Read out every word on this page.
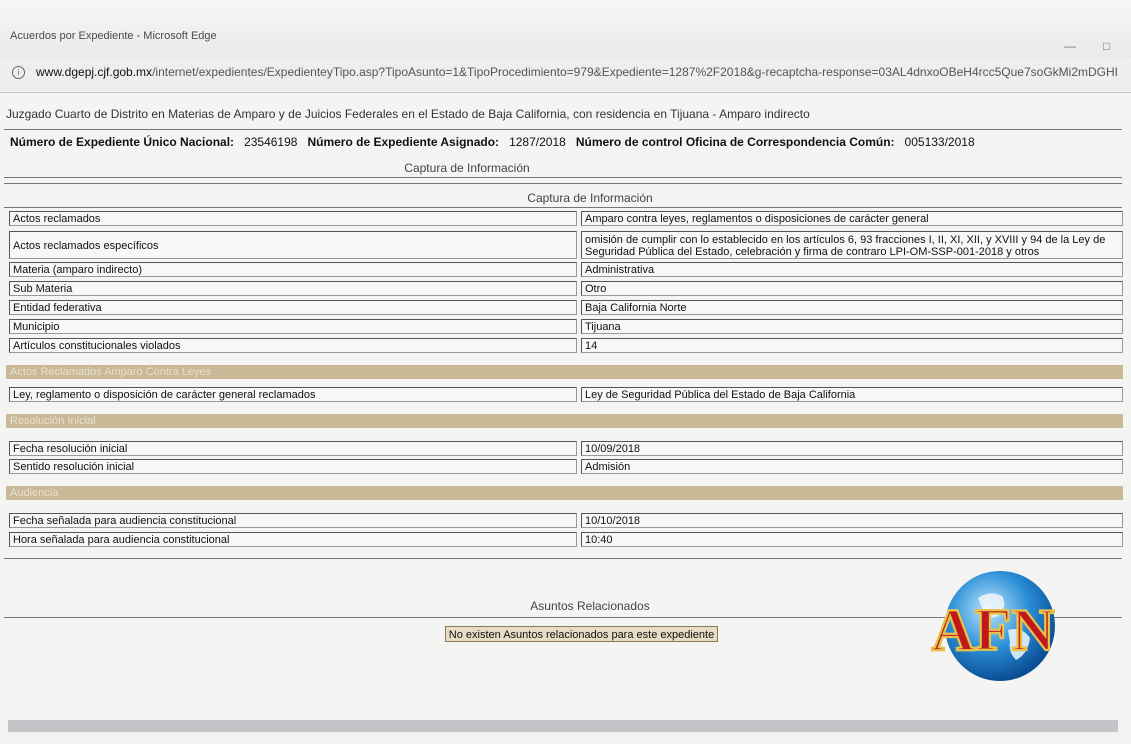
Acuerdos por Expediente - Microsoft Edge
— □
i	www.dgepj.cjf.gob.mx/internet/expedientes/ExpedienteyTipo.asp?TipoAsunto=1&TipoProcedimiento=979&Expediente=1287%2F2018&g-recaptcha-response=03AL4dnxoOBeH4rcc5Que7soGkMi2mDGHI
Juzgado Cuarto de Distrito en Materias de Amparo y de Juicios Federales en el Estado de Baja California, con residencia en Tijuana - Amparo indirecto
Número de Expediente Único Nacional: 23546198 Número de Expediente Asignado: 1287/2018 Número de control Oficina de Correspondencia Común: 005133/2018
Captura de Información
Captura de Información
Actos reclamados	Amparo contra leyes, reglamentos o disposiciones de carácter general
Actos reclamados específicos	omisión de cumplir con lo establecido en los artículos 6, 93 fracciones I, II, XI, XII, y XVIII y 94 de la Ley de Seguridad Pública del Estado, celebración y firma de contraro LPI-OM-SSP-001-2018 y otros
Materia (amparo indirecto)	Administrativa
Sub Materia	Otro
Entidad federativa	Baja California Norte
Municipio	Tijuana
Artículos constitucionales violados	14
Actos Reclamados Amparo Contra Leyes
Ley, reglamento o disposición de carácter general reclamados	Ley de Seguridad Pública del Estado de Baja California
Resolución Inicial
Fecha resolución inicial	10/09/2018
Sentido resolución inicial	Admisión
Audiencia
Fecha señalada para audiencia constitucional	10/10/2018
Hora señalada para audiencia constitucional	10:40
Asuntos Relacionados
No existen Asuntos relacionados para este expediente	AFN
